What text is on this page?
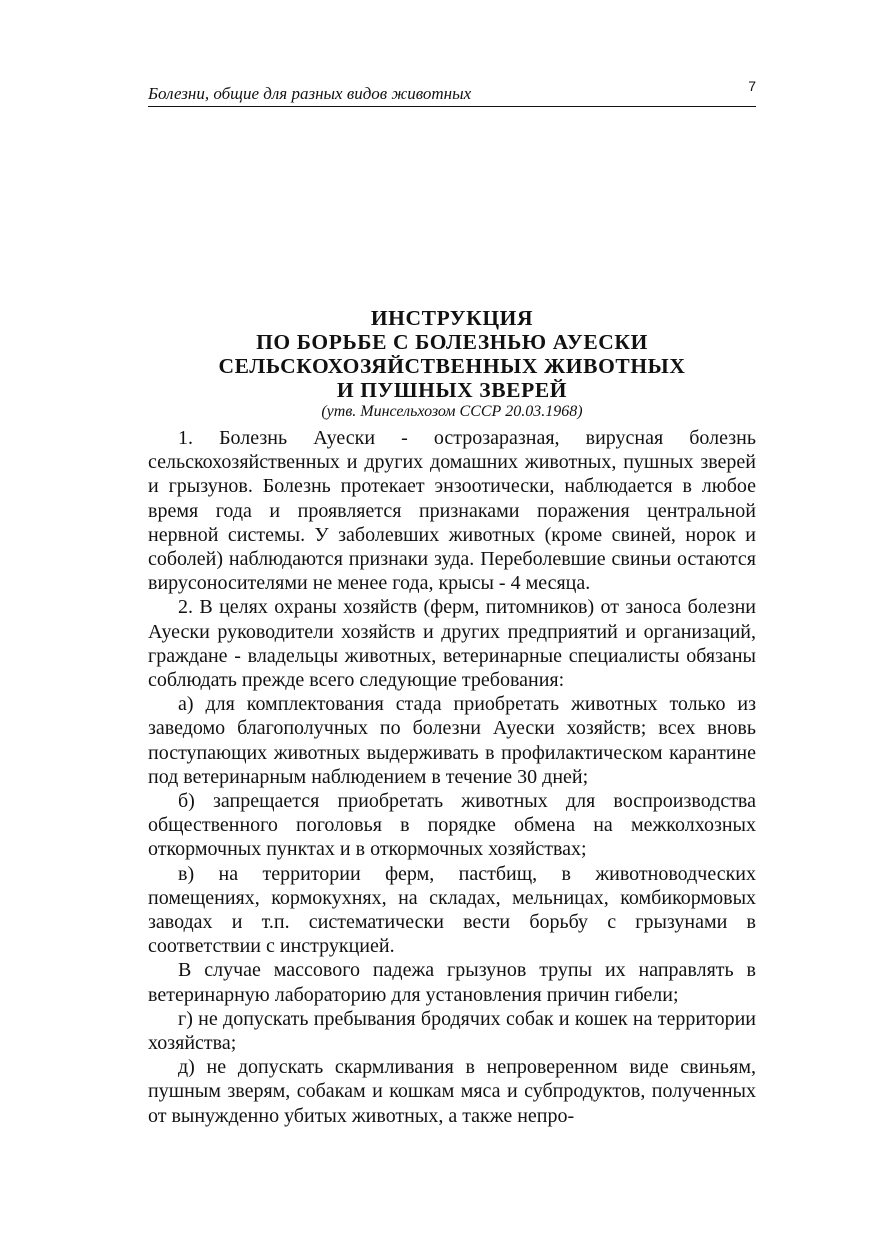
Болезни, общие для разных видов животных	7
ИНСТРУКЦИЯ
ПО БОРЬБЕ С БОЛЕЗНЬЮ АУЕСКИ
СЕЛЬСКОХОЗЯЙСТВЕННЫХ ЖИВОТНЫХ
И ПУШНЫХ ЗВЕРЕЙ
(утв. Минсельхозом СССР 20.03.1968)

1. Болезнь Ауески - острозаразная, вирусная болезнь сельскохозяйственных и других домашних животных, пушных зверей и грызунов. Болезнь протекает энзоотически, наблюдается в любое время года и проявляется признаками поражения центральной нервной системы. У заболевших животных (кроме свиней, норок и соболей) наблюдаются признаки зуда. Переболевшие свиньи остаются вирусоносителями не менее года, крысы - 4 месяца.

2. В целях охраны хозяйств (ферм, питомников) от заноса болезни Ауески руководители хозяйств и других предприятий и организаций, граждане - владельцы животных, ветеринарные специалисты обязаны соблюдать прежде всего следующие требования:

а) для комплектования стада приобретать животных только из заведомо благополучных по болезни Ауески хозяйств; всех вновь поступающих животных выдерживать в профилактическом карантине под ветеринарным наблюдением в течение 30 дней;

б) запрещается приобретать животных для воспроизводства общественного поголовья в порядке обмена на межколхозных откормочных пунктах и в откормочных хозяйствах;

в) на территории ферм, пастбищ, в животноводческих помещениях, кормокухнях, на складах, мельницах, комбикормовых заводах и т.п. систематически вести борьбу с грызунами в соответствии с инструкцией.

В случае массового падежа грызунов трупы их направлять в ветеринарную лабораторию для установления причин гибели;

г) не допускать пребывания бродячих собак и кошек на территории хозяйства;

д) не допускать скармливания в непроверенном виде свиньям, пушным зверям, собакам и кошкам мяса и субпродуктов, полученных от вынужденно убитых животных, а также непро-
